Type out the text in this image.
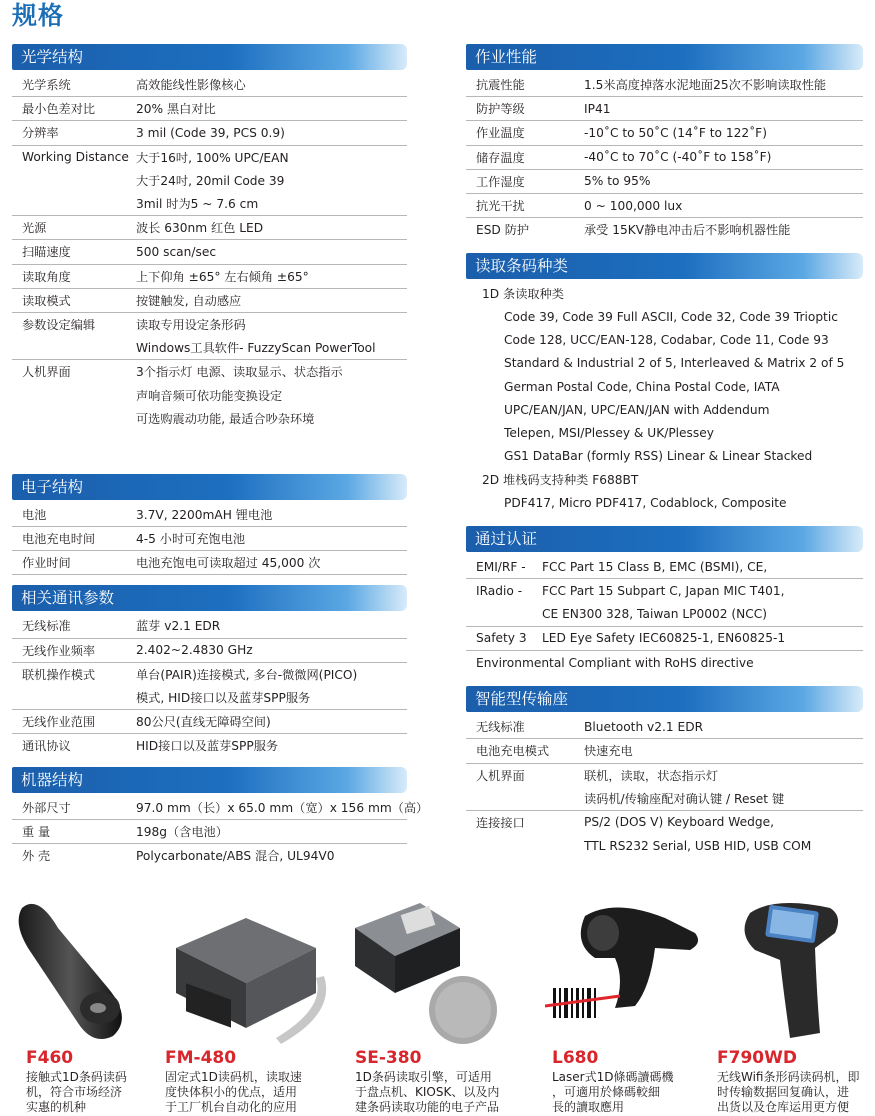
规格
光学结构
光学系统	高效能线性影像核心
最小色差对比	20% 黑白对比
分辨率	3 mil (Code 39, PCS 0.9)
Working Distance 大于16吋, 100% UPC/EAN
大于24吋, 20mil Code 39
3mil 时为5 ~ 7.6 cm
光源	波长 630nm 红色 LED
扫瞄速度	500 scan/sec
读取角度	上下仰角 ±65° 左右倾角 ±65°
读取模式	按键触发, 自动感应
参数设定编辑	读取专用设定条形码
Windows工具软件- FuzzyScan PowerTool
人机界面	3个指示灯 电源、读取显示、状态指示
声响音频可依功能变换设定
可选购震动功能, 最适合吵杂环境
电子结构
电池	3.7V, 2200mAH 锂电池
电池充电时间	4-5 小时可充饱电池
作业时间	电池充饱电可读取超过 45,000 次
相关通讯参数
无线标准	蓝芽 v2.1 EDR
无线作业频率	2.402~2.4830 GHz
联机操作模式	单台(PAIR)连接模式, 多台-微微网(PICO)
模式, HID接口以及蓝芽SPP服务
无线作业范围	80公尺(直线无障碍空间)
通讯协议	HID接口以及蓝芽SPP服务
机器结构
外部尺寸	97.0 mm（长）x 65.0 mm（宽）x 156 mm（高）
重 量	198g（含电池）
外 壳	Polycarbonate/ABS 混合, UL94V0
作业性能
抗震性能	1.5米高度掉落水泥地面25次不影响读取性能
防护等级	IP41
作业温度	-10˚C to 50˚C (14˚F to 122˚F)
储存温度	-40˚C to 70˚C (-40˚F to 158˚F)
工作湿度	5% to 95%
抗光干扰	0 ~ 100,000 lux
ESD 防护	承受 15KV静电冲击后不影响机器性能
读取条码种类
1D 条读取种类
Code 39, Code 39 Full ASCII, Code 32, Code 39 Trioptic
Code 128, UCC/EAN-128, Codabar, Code 11, Code 93
Standard & Industrial 2 of 5, Interleaved & Matrix 2 of 5
German Postal Code, China Postal Code, IATA
UPC/EAN/JAN, UPC/EAN/JAN with Addendum
Telepen, MSI/Plessey & UK/Plessey
GS1 DataBar (formly RSS) Linear & Linear Stacked
2D 堆栈码支持种类 F688BT
PDF417, Micro PDF417, Codablock, Composite
通过认证
EMI/RF -	FCC Part 15 Class B, EMC (BSMI), CE,
IRadio -	FCC Part 15 Subpart C, Japan MIC T401,
CE EN300 328, Taiwan LP0002 (NCC)
Safety 3	LED Eye Safety IEC60825-1, EN60825-1
Environmental Compliant with RoHS directive
智能型传输座
无线标准	Bluetooth v2.1 EDR
电池充电模式	快速充电
人机界面	联机，读取，状态指示灯
读码机/传输座配对确认键 / Reset 键
连接接口	PS/2 (DOS V) Keyboard Wedge,
TTL RS232 Serial, USB HID, USB COM
F460
接触式1D条码读码
机，符合市场经济
实惠的机种
FM-480
固定式1D读码机，读取速
度快体积小的优点，适用
于工厂机台自动化的应用
SE-380
1D条码读取引擎，可适用
于盘点机、KIOSK、以及内
建条码读取功能的电子产品
L680
Laser式1D條碼讀碼機
，可適用於條碼較細
長的讀取應用
F790WD
无线Wifi条形码读码机，即
时传输数据回复确认，进
出货以及仓库运用更方便
